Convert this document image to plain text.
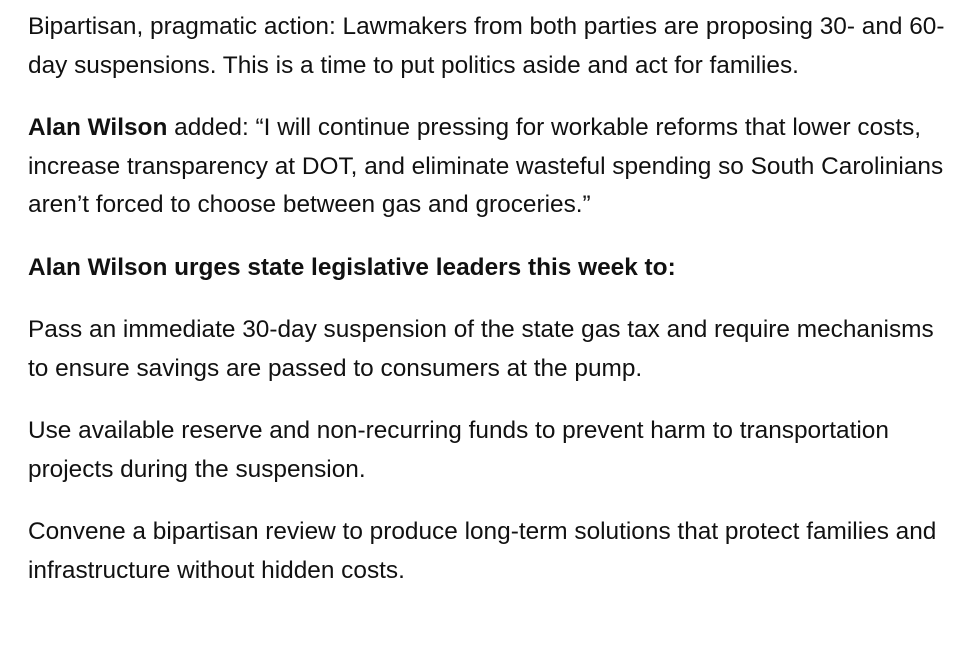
Bipartisan, pragmatic action: Lawmakers from both parties are proposing 30- and 60-day suspensions. This is a time to put politics aside and act for families.

Alan Wilson added: “I will continue pressing for workable reforms that lower costs, increase transparency at DOT, and eliminate wasteful spending so South Carolinians aren’t forced to choose between gas and groceries.”

Alan Wilson urges state legislative leaders this week to:

Pass an immediate 30-day suspension of the state gas tax and require mechanisms to ensure savings are passed to consumers at the pump.

Use available reserve and non-recurring funds to prevent harm to transportation projects during the suspension.

Convene a bipartisan review to produce long-term solutions that protect families and infrastructure without hidden costs.
